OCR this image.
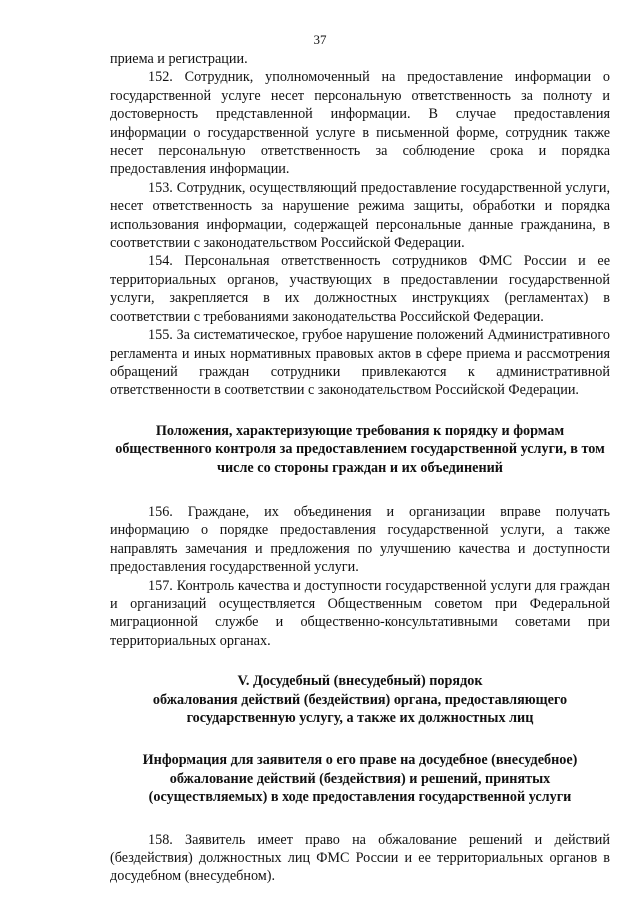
37

приема и регистрации.

152. Сотрудник, уполномоченный на предоставление информации о государственной услуге несет персональную ответственность за полноту и достоверность представленной информации. В случае предоставления информации о государственной услуге в письменной форме, сотрудник также несет персональную ответственность за соблюдение срока и порядка предоставления информации.

153. Сотрудник, осуществляющий предоставление государственной услуги, несет ответственность за нарушение режима защиты, обработки и порядка использования информации, содержащей персональные данные гражданина, в соответствии с законодательством Российской Федерации.

154. Персональная ответственность сотрудников ФМС России и ее территориальных органов, участвующих в предоставлении государственной услуги, закрепляется в их должностных инструкциях (регламентах) в соответствии с требованиями законодательства Российской Федерации.

155. За систематическое, грубое нарушение положений Административного регламента и иных нормативных правовых актов в сфере приема и рассмотрения обращений граждан сотрудники привлекаются к административной ответственности в соответствии с законодательством Российской Федерации.

Положения, характеризующие требования к порядку и формам общественного контроля за предоставлением государственной услуги, в том числе со стороны граждан и их объединений

156. Граждане, их объединения и организации вправе получать информацию о порядке предоставления государственной услуги, а также направлять замечания и предложения по улучшению качества и доступности предоставления государственной услуги.

157. Контроль качества и доступности государственной услуги для граждан и организаций осуществляется Общественным советом при Федеральной миграционной службе и общественно-консультативными советами при территориальных органах.

V. Досудебный (внесудебный) порядок

обжалования действий (бездействия) органа, предоставляющего

государственную услугу, а также их должностных лиц

Информация для заявителя о его праве на досудебное (внесудебное) обжалование действий (бездействия) и решений, принятых (осуществляемых) в ходе предоставления государственной услуги

158. Заявитель имеет право на обжалование решений и действий (бездействия) должностных лиц ФМС России и ее территориальных органов в досудебном (внесудебном).
